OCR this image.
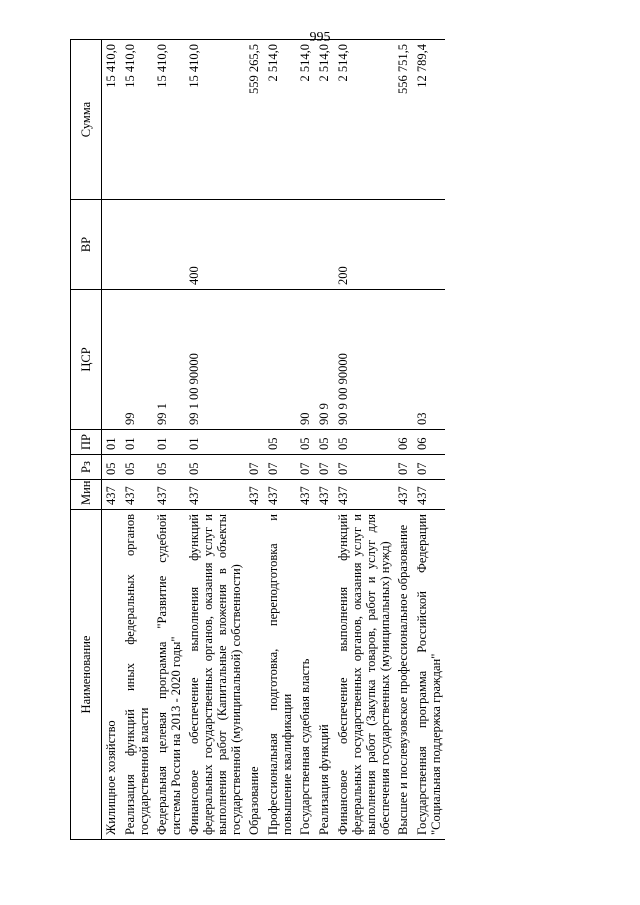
995
Наименование	Мин	Рз	ПР	ЦСР	ВР	Сумма
Жилищное хозяйство	437	05	01			15 410,0
Реализация функций иных федеральных органов государственной власти	437	05	01	99		15 410,0
Федеральная целевая программа "Развитие судебной системы России на 2013 - 2020 годы"	437	05	01	99 1		15 410,0
Финансовое обеспечение выполнения функций федеральных государственных органов, оказания услуг и выполнения работ (Капитальные вложения в объекты государственной (муниципальной) собственности)	437	05	01	99 1 00 90000	400	15 410,0
Образование	437	07				559 265,5
Профессиональная подготовка, переподготовка и повышение квалификации	437	07	05			2 514,0
Государственная судебная власть	437	07	05	90		2 514,0
Реализация функций	437	07	05	90 9		2 514,0
Финансовое обеспечение выполнения функций федеральных государственных органов, оказания услуг и выполнения работ (Закупка товаров, работ и услуг для обеспечения государственных (муниципальных) нужд)	437	07	05	90 9 00 90000	200	2 514,0
Высшее и послевузовское профессиональное образование	437	07	06			556 751,5
Государственная программа Российской Федерации "Социальная поддержка граждан"	437	07	06	03		12 789,4
